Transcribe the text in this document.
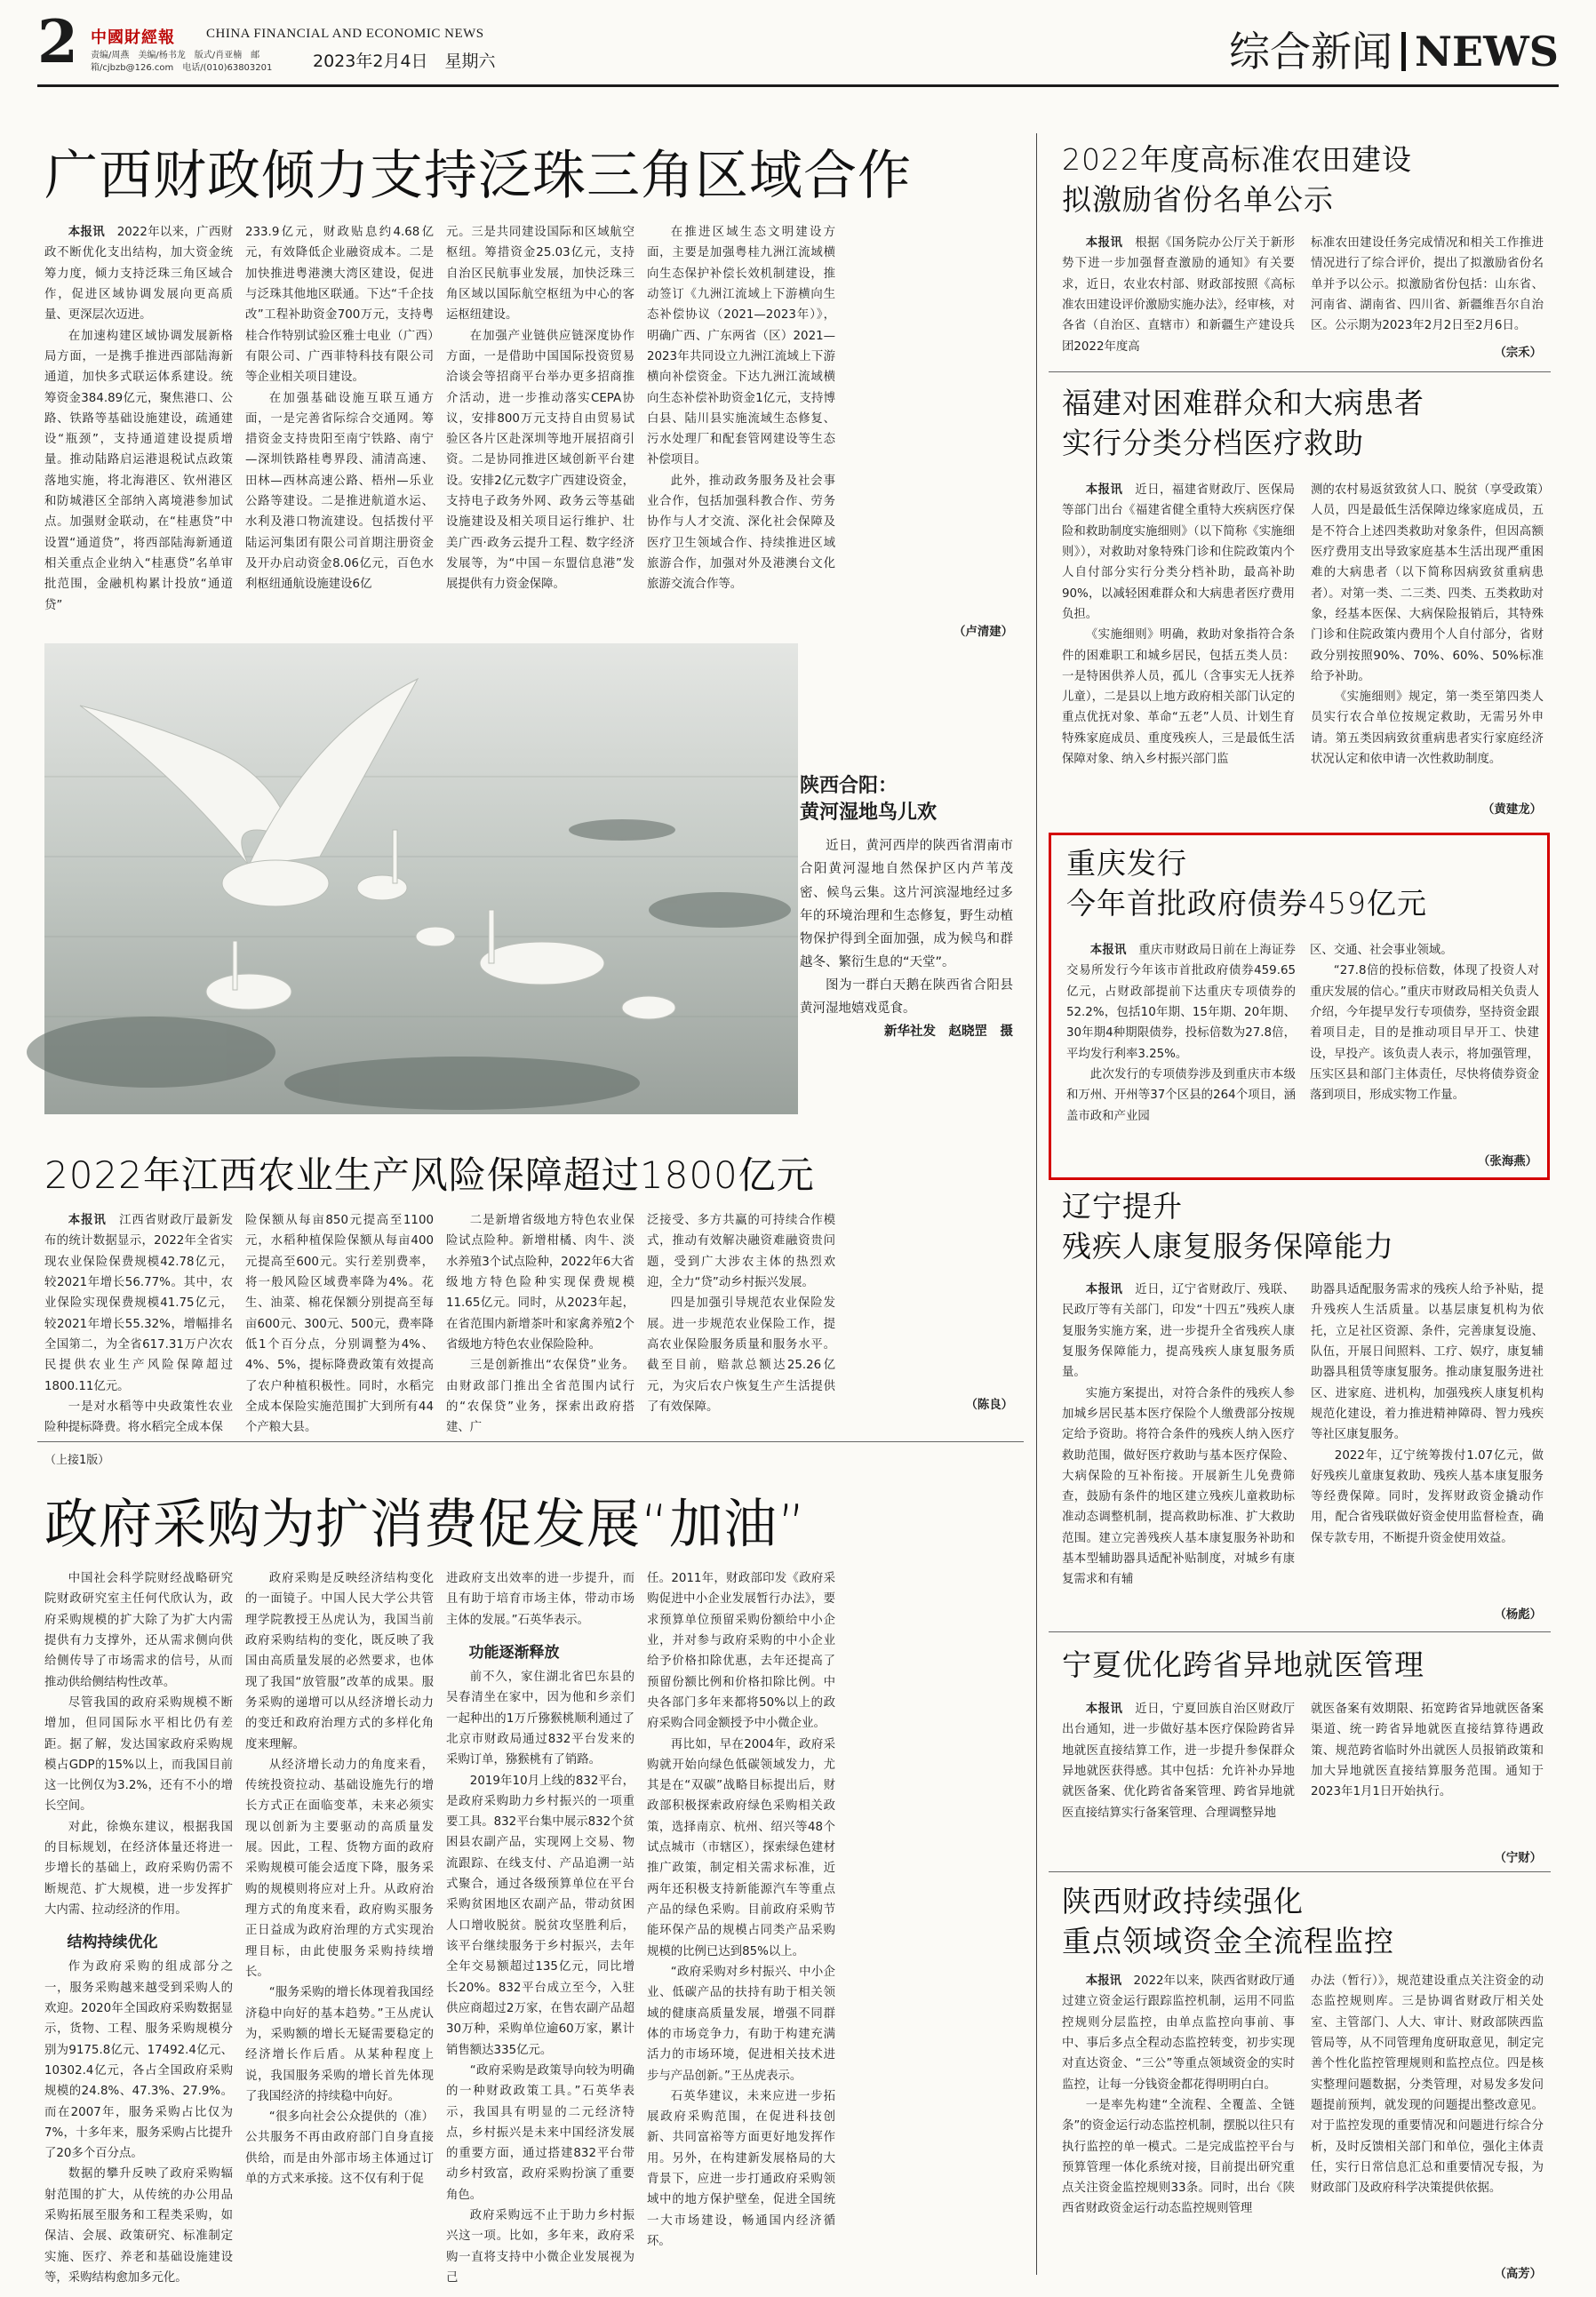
2 中國財經報 CHINA FINANCIAL AND ECONOMIC NEWS
责编/周燕　美编/杨书龙　版式/肖亚楠　邮箱/cjbzb@126.com　电话/(010)63803201	2023年2月4日　星期六	综合新闻 NEWS
广西财政倾力支持泛珠三角区域合作

本报讯　 2022年以来，广西财政不断优化支出结构，加大资金统筹力度，倾力支持泛珠三角区域合作，促进区域协调发展向更高质量、更深层次迈进。

在加速构建区域协调发展新格局方面，一是携手推进西部陆海新通道，加快多式联运体系建设。统筹资金384.89亿元，聚焦港口、公路、铁路等基础设施建设，疏通建设“瓶颈”，支持通道建设提质增量。推动陆路启运港退税试点政策落地实施，将北海港区、钦州港区和防城港区全部纳入离境港参加试点。加强财金联动，在“桂惠贷”中设置“通道贷”，将西部陆海新通道相关重点企业纳入“桂惠贷”名单审批范围，金融机构累计投放“通道贷”

233.9亿元，财政贴息约4.68亿元，有效降低企业融资成本。二是加快推进粤港澳大湾区建设，促进与泛珠其他地区联通。下达“千企技改”工程补助资金700万元，支持粤桂合作特别试验区雅士电业（广西）有限公司、广西菲特科技有限公司等企业相关项目建设。

在加强基础设施互联互通方面，一是完善省际综合交通网。筹措资金支持贵阳至南宁铁路、南宁—深圳铁路桂粤界段、浦清高速、田林—西林高速公路、梧州—乐业公路等建设。二是推进航道水运、水利及港口物流建设。包括拨付平陆运河集团有限公司首期注册资金及开办启动资金8.06亿元，百色水利枢纽通航设施建设6亿

元。三是共同建设国际和区域航空枢纽。筹措资金25.03亿元，支持自治区民航事业发展，加快泛珠三角区域以国际航空枢纽为中心的客运枢纽建设。

在加强产业链供应链深度协作方面，一是借助中国国际投资贸易洽谈会等招商平台举办更多招商推介活动，进一步推动落实CEPA协议，安排800万元支持自由贸易试验区各片区赴深圳等地开展招商引资。二是协同推进区域创新平台建设。安排2亿元数字广西建设资金，支持电子政务外网、政务云等基础设施建设及相关项目运行维护、壮美广西·政务云提升工程、数字经济发展等，为“中国－东盟信息港”发展提供有力资金保障。

在推进区域生态文明建设方面，主要是加强粤桂九洲江流域横向生态保护补偿长效机制建设，推动签订《九洲江流域上下游横向生态补偿协议（2021—2023年）》，明确广西、广东两省（区）2021—2023年共同设立九洲江流域上下游横向补偿资金。下达九洲江流域横向生态补偿补助资金1亿元，支持博白县、陆川县实施流域生态修复、污水处理厂和配套管网建设等生态补偿项目。

此外，推动政务服务及社会事业合作，包括加强科教合作、劳务协作与人才交流、深化社会保障及医疗卫生领域合作、持续推进区域旅游合作，加强对外及港澳台文化旅游交流合作等。

（卢清建）
陕西合阳：
黄河湿地鸟儿欢

近日，黄河西岸的陕西省渭南市合阳黄河湿地自然保护区内芦苇茂密、候鸟云集。这片河滨湿地经过多年的环境治理和生态修复，野生动植物保护得到全面加强，成为候鸟和群越冬、繁衍生息的“天堂”。

图为一群白天鹅在陕西省合阳县黄河湿地嬉戏觅食。

新华社发　赵晓罡　摄

2022年江西农业生产风险保障超过1800亿元

本报讯　 江西省财政厅最新发布的统计数据显示，2022年全省实现农业保险保费规模42.78亿元，较2021年增长56.77%。其中，农业保险实现保费规模41.75亿元，较2021年增长55.32%，增幅排名全国第二，为全省617.31万户次农民提供农业生产风险保障超过1800.11亿元。

一是对水稻等中央政策性农业险种提标降费。将水稻完全成本保

险保额从每亩850元提高至1100元，水稻种植保险保额从每亩400元提高至600元。实行差别费率，将一般风险区域费率降为4%。花生、油菜、棉花保额分别提高至每亩600元、300元、500元，费率降低1个百分点，分别调整为4%、4%、5%，提标降费政策有效提高了农户种植积极性。同时，水稻完全成本保险实施范围扩大到所有44个产粮大县。

二是新增省级地方特色农业保险试点险种。新增柑橘、肉牛、淡水养殖3个试点险种，2022年6大省级地方特色险种实现保费规模11.65亿元。同时，从2023年起，在省范围内新增茶叶和家禽养殖2个省级地方特色农业保险险种。

三是创新推出“农保贷”业务。由财政部门推出全省范围内试行的“农保贷”业务，探索出政府搭建、广

泛接受、多方共赢的可持续合作模式，推动有效解决融资难融资贵问题，受到广大涉农主体的热烈欢迎，全力“贷”动乡村振兴发展。

四是加强引导规范农业保险发展。进一步规范农业保险工作，提高农业保险服务质量和服务水平。截至目前，赔款总额达25.26亿元，为灾后农户恢复生产生活提供了有效保障。	（陈良）
（上接1版）
政府采购为扩消费促发展“加油”

中国社会科学院财经战略研究院财政研究室主任何代欣认为，政府采购规模的扩大除了为扩大内需提供有力支撑外，还从需求侧向供给侧传导了市场需求的信号，从而推动供给侧结构性改革。

尽管我国的政府采购规模不断增加，但同国际水平相比仍有差距。据了解，发达国家政府采购规模占GDP的15%以上，而我国目前这一比例仅为3.2%，还有不小的增长空间。

对此，徐焕东建议，根据我国的目标规划，在经济体量还将进一步增长的基础上，政府采购仍需不断规范、扩大规模，进一步发挥扩大内需、拉动经济的作用。

结构持续优化

作为政府采购的组成部分之一，服务采购越来越受到采购人的欢迎。2020年全国政府采购数据显示，货物、工程、服务采购规模分别为9175.8亿元、17492.4亿元、10302.4亿元，各占全国政府采购规模的24.8%、47.3%、27.9%。而在2007年，服务采购占比仅为7%，十多年来，服务采购占比提升了20多个百分点。

数据的攀升反映了政府采购辐射范围的扩大，从传统的办公用品采购拓展至服务和工程类采购，如保洁、会展、政策研究、标准制定实施、医疗、养老和基础设施建设等，采购结构愈加多元化。

政府采购是反映经济结构变化的一面镜子。中国人民大学公共管理学院教授王丛虎认为，我国当前政府采购结构的变化，既反映了我国由高质量发展的必然要求，也体现了我国“放管服”改革的成果。服务采购的递增可以从经济增长动力的变迁和政府治理方式的多样化角度来理解。

从经济增长动力的角度来看，传统投资拉动、基础设施先行的增长方式正在面临变革，未来必须实现以创新为主要驱动的高质量发展。因此，工程、货物方面的政府采购规模可能会适度下降，服务采购的规模则将应对上升。从政府治理方式的角度来看，政府购买服务正日益成为政府治理的方式实现治理目标，由此使服务采购持续增长。

“服务采购的增长体现着我国经济稳中向好的基本趋势。”王丛虎认为，采购额的增长无疑需要稳定的经济增长作后盾。从某种程度上说，我国服务采购的增长首先体现了我国经济的持续稳中向好。

“很多向社会公众提供的（准）公共服务不再由政府部门自身直接供给，而是由外部市场主体通过订单的方式来承接。这不仅有利于促

进政府支出效率的进一步提升，而且有助于培育市场主体，带动市场主体的发展。”石英华表示。

功能逐渐释放

前不久，家住湖北省巴东县的吴春清坐在家中，因为他和乡亲们一起种出的1万斤猕猴桃顺利通过了北京市财政局通过832平台发来的采购订单，猕猴桃有了销路。

2019年10月上线的832平台，是政府采购助力乡村振兴的一项重要工具。832平台集中展示832个贫困县农副产品，实现网上交易、物流跟踪、在线支付、产品追溯一站式聚合，通过各级预算单位在平台采购贫困地区农副产品，带动贫困人口增收脱贫。脱贫攻坚胜利后，该平台继续服务于乡村振兴，去年全年交易额超过135亿元，同比增长20%。832平台成立至今，入驻供应商超过2万家，在售农副产品超30万种，采购单位逾60万家，累计销售额达335亿元。

“政府采购是政策导向较为明确的一种财政政策工具。”石英华表示，我国具有明显的二元经济特点，乡村振兴是未来中国经济发展的重要方面，通过搭建832平台带动乡村致富，政府采购扮演了重要角色。

政府采购远不止于助力乡村振兴这一项。比如，多年来，政府采购一直将支持中小微企业发展视为己

任。2011年，财政部印发《政府采购促进中小企业发展暂行办法》，要求预算单位预留采购份额给中小企业，并对参与政府采购的中小企业给予价格扣除优惠，去年还提高了预留份额比例和价格扣除比例。中央各部门多年来都将50%以上的政府采购合同金额授予中小微企业。

再比如，早在2004年，政府采购就开始向绿色低碳领域发力，尤其是在“双碳”战略目标提出后，财政部积极探索政府绿色采购相关政策，选择南京、杭州、绍兴等48个试点城市（市辖区），探索绿色建材推广政策，制定相关需求标准，近两年还积极支持新能源汽车等重点产品的绿色采购。目前政府采购节能环保产品的规模占同类产品采购规模的比例已达到85%以上。

“政府采购对乡村振兴、中小企业、低碳产品的扶持有助于相关领域的健康高质量发展，增强不同群体的市场竞争力，有助于构建充满活力的市场环境，促进相关技术进步与产品创新。”王丛虎表示。

石英华建议，未来应进一步拓展政府采购范围，在促进科技创新、共同富裕等方面更好地发挥作用。另外，在构建新发展格局的大背景下，应进一步打通政府采购领域中的地方保护壁垒，促进全国统一大市场建设，畅通国内经济循环。

2022年度高标准农田建设
拟激励省份名单公示

本报讯　 根据《国务院办公厅关于新形势下进一步加强督查激励的通知》有关要求，近日，农业农村部、财政部按照《高标准农田建设评价激励实施办法》，经审核，对各省（自治区、直辖市）和新疆生产建设兵团2022年度高

标准农田建设任务完成情况和相关工作推进情况进行了综合评价，提出了拟激励省份名单并予以公示。拟激励省份包括：山东省、河南省、湖南省、四川省、新疆维吾尔自治区。公示期为2023年2月2日至2月6日。

（宗禾）
福建对困难群众和大病患者
实行分类分档医疗救助

本报讯　 近日，福建省财政厅、医保局等部门出台《福建省健全重特大疾病医疗保险和救助制度实施细则》（以下简称《实施细则》），对救助对象特殊门诊和住院政策内个人自付部分实行分类分档补助，最高补助90%，以减轻困难群众和大病患者医疗费用负担。

《实施细则》明确，救助对象指符合条件的困难职工和城乡居民，包括五类人员：一是特困供养人员，孤儿（含事实无人抚养儿童），二是县以上地方政府相关部门认定的重点优抚对象、革命“五老”人员、计划生育特殊家庭成员、重度残疾人，三是最低生活保障对象、纳入乡村振兴部门监

测的农村易返贫致贫人口、脱贫（享受政策）人员，四是最低生活保障边缘家庭成员，五是不符合上述四类救助对象条件，但因高额医疗费用支出导致家庭基本生活出现严重困难的大病患者（以下简称因病致贫重病患者）。对第一类、二三类、四类、五类救助对象，经基本医保、大病保险报销后，其特殊门诊和住院政策内费用个人自付部分，省财政分别按照90%、70%、60%、50%标准给予补助。

《实施细则》规定，第一类至第四类人员实行农合单位按规定救助，无需另外申请。第五类因病致贫重病患者实行家庭经济状况认定和依申请一次性救助制度。

（黄建龙）
重庆发行
今年首批政府债券459亿元

本报讯　 重庆市财政局日前在上海证券交易所发行今年该市首批政府债券459.65亿元，占财政部提前下达重庆专项债券的52.2%，包括10年期、15年期、20年期、30年期4种期限债券，投标倍数为27.8倍，平均发行利率3.25%。

此次发行的专项债券涉及到重庆市本级和万州、开州等37个区县的264个项目，涵盖市政和产业园

区、交通、社会事业领域。

“27.8倍的投标倍数，体现了投资人对重庆发展的信心。”重庆市财政局相关负责人介绍，今年提早发行专项债券，坚持资金跟着项目走，目的是推动项目早开工、快建设，早投产。该负责人表示，将加强管理，压实区县和部门主体责任，尽快将债券资金落到项目，形成实物工作量。

（张海燕）
辽宁提升
残疾人康复服务保障能力

本报讯　 近日，辽宁省财政厅、残联、民政厅等有关部门，印发“十四五”残疾人康复服务实施方案，进一步提升全省残疾人康复服务保障能力，提高残疾人康复服务质量。

实施方案提出，对符合条件的残疾人参加城乡居民基本医疗保险个人缴费部分按规定给予资助。将符合条件的残疾人纳入医疗救助范围，做好医疗救助与基本医疗保险、大病保险的互补衔接。开展新生儿免费筛查，鼓励有条件的地区建立残疾儿童救助标准动态调整机制，提高救助标准、扩大救助范围。建立完善残疾人基本康复服务补助和基本型辅助器具适配补贴制度，对城乡有康复需求和有辅

助器具适配服务需求的残疾人给予补贴，提升残疾人生活质量。以基层康复机构为依托，立足社区资源、条件，完善康复设施、队伍，开展日间照料、工疗、娱疗，康复辅助器具租赁等康复服务。推动康复服务进社区、进家庭、进机构，加强残疾人康复机构规范化建设，着力推进精神障碍、智力残疾等社区康复服务。

2022年，辽宁统筹拨付1.07亿元，做好残疾儿童康复救助、残疾人基本康复服务等经费保障。同时，发挥财政资金撬动作用，配合省残联做好资金使用监督检查，确保专款专用，不断提升资金使用效益。

（杨彪）
宁夏优化跨省异地就医管理

本报讯　 近日，宁夏回族自治区财政厅出台通知，进一步做好基本医疗保险跨省异地就医直接结算工作，进一步提升参保群众异地就医获得感。其中包括：允许补办异地就医备案、优化跨省备案管理、跨省异地就医直接结算实行备案管理、合理调整异地

就医备案有效期限、拓宽跨省异地就医备案渠道、统一跨省异地就医直接结算待遇政策、规范跨省临时外出就医人员报销政策和加大异地就医直接结算服务范围。通知于2023年1月1日开始执行。

（宁财）
陕西财政持续强化
重点领域资金全流程监控

本报讯　 2022年以来，陕西省财政厅通过建立资金运行跟踪监控机制，运用不同监控规则分层监控，由单点监控向事前、事中、事后多点全程动态监控转变，初步实现对直达资金、“三公”等重点领域资金的实时监控，让每一分钱资金都花得明明白白。

一是率先构建“全流程、全覆盖、全链条”的资金运行动态监控机制，摆脱以往只有执行监控的单一模式。二是完成监控平台与预算管理一体化系统对接，目前提出研究重点关注资金监控规则33条。同时，出台《陕西省财政资金运行动态监控规则管理

办法（暂行）》，规范建设重点关注资金的动态监控规则库。三是协调省财政厅相关处室、主管部门、人大、审计、财政部陕西监管局等，从不同管理角度研取意见，制定完善个性化监控管理规则和监控点位。四是核实整理问题数据，分类管理，对易发多发问题提前预判，就发现的问题提出整改意见。对于监控发现的重要情况和问题进行综合分析，及时反馈相关部门和单位，强化主体责任，实行日常信息汇总和重要情况专报，为财政部门及政府科学决策提供依据。

（高芳）
